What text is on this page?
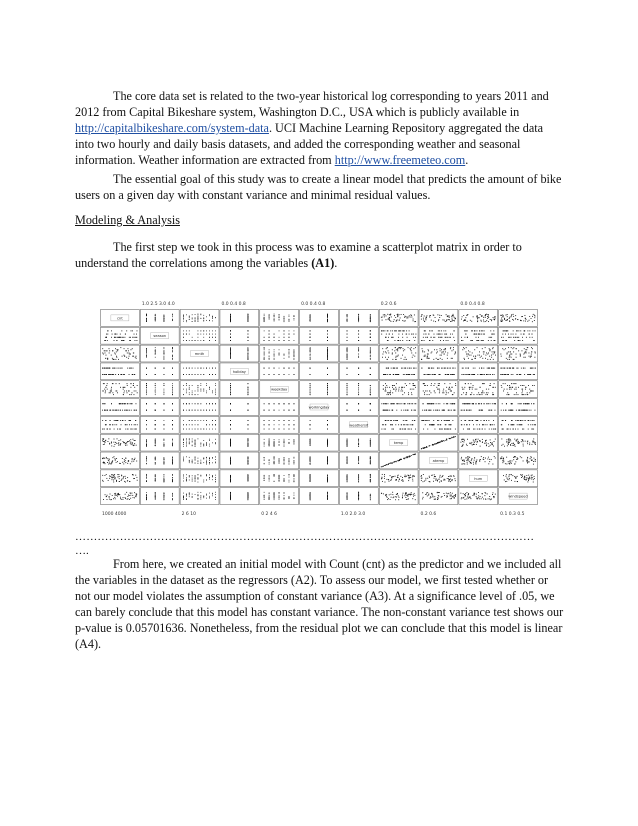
The core data set is related to the two-year historical log corresponding to years 2011 and 2012 from Capital Bikeshare system, Washington D.C., USA which is publicly available in http://capitalbikeshare.com/system-data. UCI Machine Learning Repository aggregated the data into two hourly and daily basis datasets, and added the corresponding weather and seasonal information. Weather information are extracted from http://www.freemeteo.com.

The essential goal of this study was to create a linear model that predicts the amount of bike users on a given day with constant variance and minimal residual values.

Modeling & Analysis

The first step we took in this process was to examine a scatterplot matrix in order to understand the correlations among the variables (A1).

1.0 2.5 3.0 4.0	0.0 0.4 0.8	0.0 0.4 0.8	0.2 0.6	0.0 0.4 0.8
1000 4000	2 6 10	0 2 4 6	1.0 2.0 3.0	0.2 0.6	0.1 0.3 0.5
cnt
season
mnth
holiday
weekday
workingday
weathersit
temp
atemp
hum
windspeed
……………………………………………………………………………………………………………
….

From here, we created an initial model with Count (cnt) as the predictor and we included all the variables in the dataset as the regressors (A2). To assess our model, we first tested whether or not our model violates the assumption of constant variance (A3). At a significance level of .05, we can barely conclude that this model has constant variance. The non-constant variance test shows our p-value is 0.05701636. Nonetheless, from the residual plot we can conclude that this model is linear (A4).
